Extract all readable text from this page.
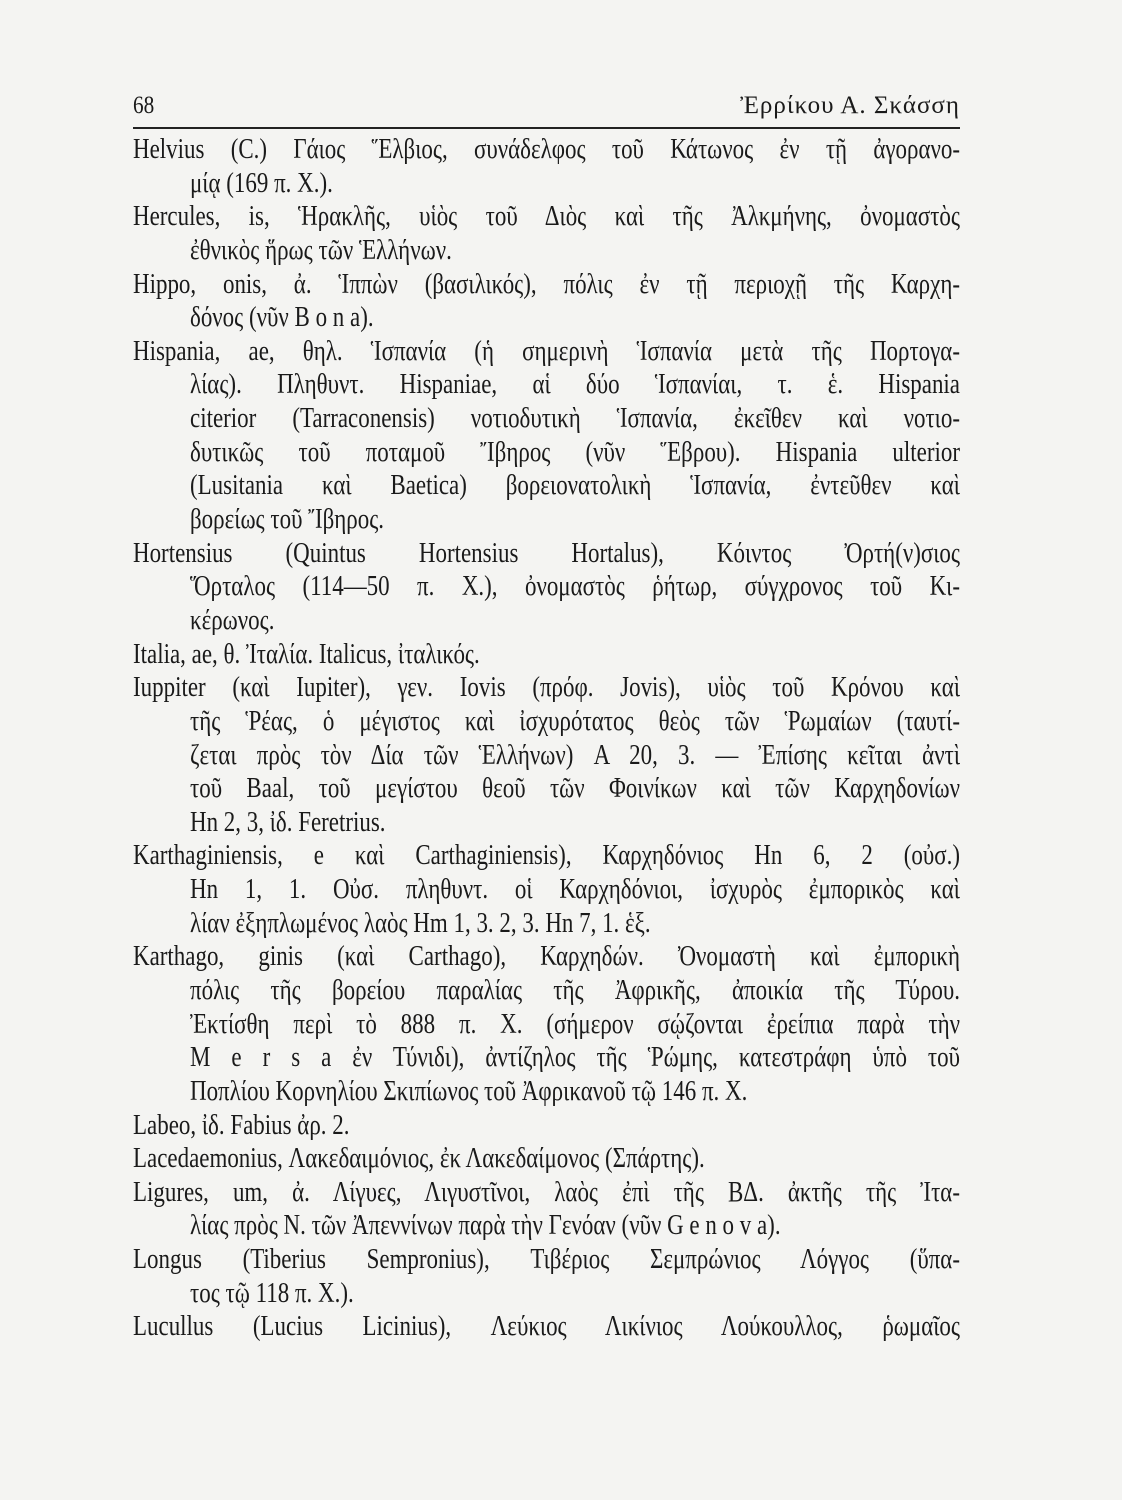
68	Ἐρρίκου Α. Σκάσση
Helvius (C.) Γάιος Ἕλβιος, συνάδελφος τοῦ Κάτωνος ἐν τῇ ἀγορανο-
μίᾳ (169 π. Χ.).
Hercules, is, Ἡρακλῆς, υἱὸς τοῦ Διὸς καὶ τῆς Ἀλκμήνης, ὀνομαστὸς
ἐθνικὸς ἥρως τῶν Ἑλλήνων.
Hippo, onis, ἀ. Ἱππὼν (βασιλικός), πόλις ἐν τῇ περιοχῇ τῆς Καρχη-
δόνος (νῦν B o n a).
Hispania, ae, θηλ. Ἱσπανία (ἡ σημερινὴ Ἱσπανία μετὰ τῆς Πορτογα-
λίας). Πληθυντ. Hispaniae, αἱ δύο Ἱσπανίαι, τ. ἑ. Hispania
citerior (Tarraconensis) νοτιοδυτικὴ Ἱσπανία, ἐκεῖθεν καὶ νοτιο-
δυτικῶς τοῦ ποταμοῦ Ἴβηρος (νῦν Ἕβρου). Hispania ulterior
(Lusitania καὶ Baetica) βορειονατολικὴ Ἱσπανία, ἐντεῦθεν καὶ
βορείως τοῦ Ἴβηρος.
Hortensius (Quintus Hortensius Hortalus), Κόιντος Ὀρτή(ν)σιος
Ὅρταλος (114—50 π. Χ.), ὀνομαστὸς ῥήτωρ, σύγχρονος τοῦ Κι-
κέρωνος.
Italia, ae, θ. Ἰταλία. Italicus, ἰταλικός.
Iuppiter (καὶ Iupiter), γεν. Iovis (πρόφ. Jovis), υἱὸς τοῦ Κρόνου καὶ
τῆς Ῥέας, ὁ μέγιστος καὶ ἰσχυρότατος θεὸς τῶν Ῥωμαίων (ταυτί-
ζεται πρὸς τὸν Δία τῶν Ἑλλήνων) A 20, 3. — Ἐπίσης κεῖται ἀντὶ
τοῦ Baal, τοῦ μεγίστου θεοῦ τῶν Φοινίκων καὶ τῶν Καρχηδονίων
Hn 2, 3, ἰδ. Feretrius.
Karthaginiensis, e καὶ Carthaginiensis), Καρχηδόνιος Hn 6, 2 (οὐσ.)
Hn 1, 1. Οὐσ. πληθυντ. οἱ Καρχηδόνιοι, ἰσχυρὸς ἐμπορικὸς καὶ
λίαν ἐξηπλωμένος λαὸς Hm 1, 3. 2, 3. Hn 7, 1. ἑξ.
Karthago, ginis (καὶ Carthago), Καρχηδών. Ὀνομαστὴ καὶ ἐμπορικὴ
πόλις τῆς βορείου παραλίας τῆς Ἀφρικῆς, ἀποικία τῆς Τύρου.
Ἐκτίσθη περὶ τὸ 888 π. Χ. (σήμερον σῴζονται ἐρείπια παρὰ τὴν
M e r s a ἐν Τύνιδι), ἀντίζηλος τῆς Ῥώμης, κατεστράφη ὑπὸ τοῦ
Ποπλίου Κορνηλίου Σκιπίωνος τοῦ Ἀφρικανοῦ τῷ 146 π. Χ.
Labeo, ἰδ. Fabius ἀρ. 2.
Lacedaemonius, Λακεδαιμόνιος, ἐκ Λακεδαίμονος (Σπάρτης).
Ligures, um, ἀ. Λίγυες, Λιγυστῖνοι, λαὸς ἐπὶ τῆς ΒΔ. ἀκτῆς τῆς Ἰτα-
λίας πρὸς Ν. τῶν Ἀπεννίνων παρὰ τὴν Γενόαν (νῦν G e n o v a).
Longus (Tiberius Sempronius), Τιβέριος Σεμπρώνιος Λόγγος (ὕπα-
τος τῷ 118 π. Χ.).
Lucullus (Lucius Licinius), Λεύκιος Λικίνιος Λούκουλλος, ῥωμαῖος
